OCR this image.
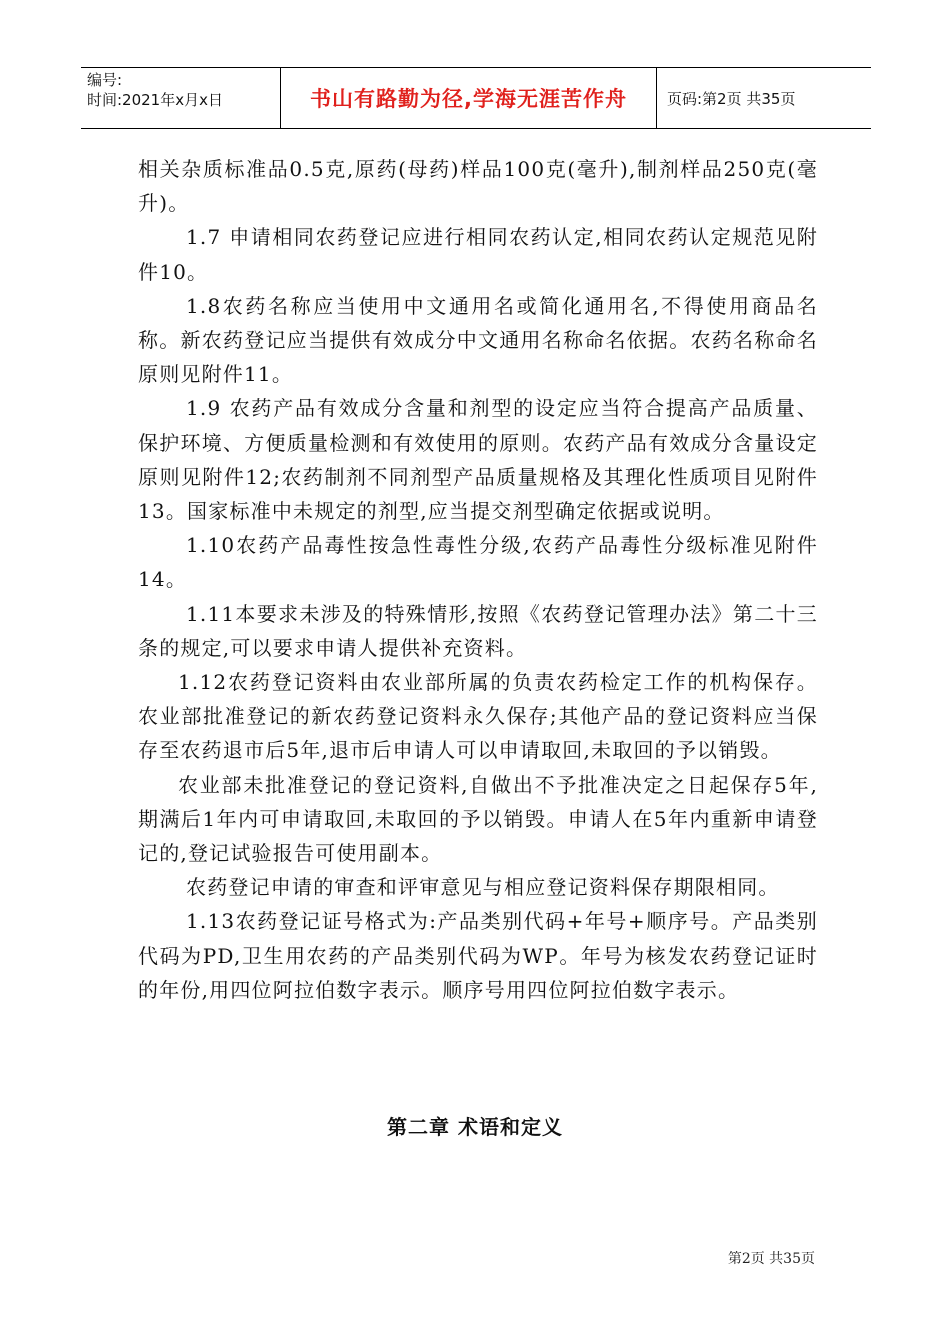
编号:
时间:2021年x月x日	书山有路勤为径,学海无涯苦作舟	页码:第2页 共35页

相关杂质标准品0.5克,原药(母药)样品100克(毫升),制剂样品250克(毫升)。

1.7 申请相同农药登记应进行相同农药认定,相同农药认定规范见附件10。

1.8农药名称应当使用中文通用名或简化通用名,不得使用商品名称。新农药登记应当提供有效成分中文通用名称命名依据。农药名称命名原则见附件11。

1.9 农药产品有效成分含量和剂型的设定应当符合提高产品质量、保护环境、方便质量检测和有效使用的原则。农药产品有效成分含量设定原则见附件12;农药制剂不同剂型产品质量规格及其理化性质项目见附件13。国家标准中未规定的剂型,应当提交剂型确定依据或说明。

1.10农药产品毒性按急性毒性分级,农药产品毒性分级标准见附件14。

1.11本要求未涉及的特殊情形,按照《农药登记管理办法》第二十三条的规定,可以要求申请人提供补充资料。

1.12农药登记资料由农业部所属的负责农药检定工作的机构保存。农业部批准登记的新农药登记资料永久保存;其他产品的登记资料应当保存至农药退市后5年,退市后申请人可以申请取回,未取回的予以销毁。

农业部未批准登记的登记资料,自做出不予批准决定之日起保存5年,期满后1年内可申请取回,未取回的予以销毁。申请人在5年内重新申请登记的,登记试验报告可使用副本。

农药登记申请的审查和评审意见与相应登记资料保存期限相同。

1.13农药登记证号格式为:产品类别代码+年号+顺序号。产品类别代码为PD,卫生用农药的产品类别代码为WP。年号为核发农药登记证时的年份,用四位阿拉伯数字表示。顺序号用四位阿拉伯数字表示。

第二章 术语和定义
第2页 共35页
